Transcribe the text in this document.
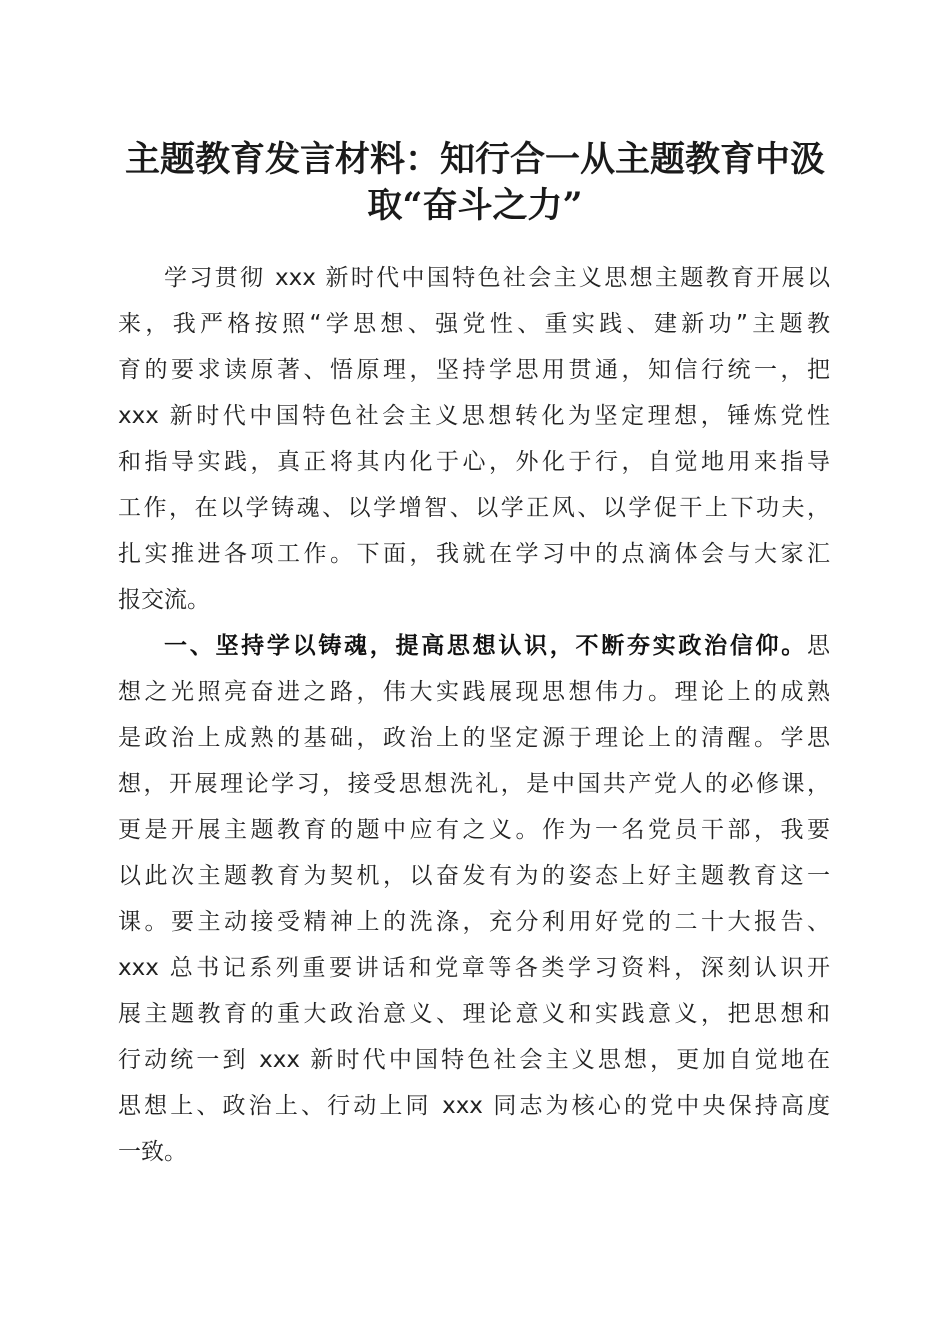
主题教育发言材料：知行合一从主题教育中汲
取“奋斗之力”
学习贯彻 xxx 新时代中国特色社会主义思想主题教育开展以
来，我严格按照“学思想、强党性、重实践、建新功”主题教
育的要求读原著、悟原理，坚持学思用贯通，知信行统一，把
xxx 新时代中国特色社会主义思想转化为坚定理想，锤炼党性
和指导实践，真正将其内化于心，外化于行，自觉地用来指导
工作，在以学铸魂、以学增智、以学正风、以学促干上下功夫，
扎实推进各项工作。下面，我就在学习中的点滴体会与大家汇
报交流。
一、坚持学以铸魂，提高思想认识，不断夯实政治信仰。思
想之光照亮奋进之路，伟大实践展现思想伟力。理论上的成熟
是政治上成熟的基础，政治上的坚定源于理论上的清醒。学思
想，开展理论学习，接受思想洗礼，是中国共产党人的必修课，
更是开展主题教育的题中应有之义。作为一名党员干部，我要
以此次主题教育为契机，以奋发有为的姿态上好主题教育这一
课。要主动接受精神上的洗涤，充分利用好党的二十大报告、
xxx 总书记系列重要讲话和党章等各类学习资料，深刻认识开
展主题教育的重大政治意义、理论意义和实践意义，把思想和
行动统一到 xxx 新时代中国特色社会主义思想，更加自觉地在
思想上、政治上、行动上同 xxx 同志为核心的党中央保持高度
一致。
